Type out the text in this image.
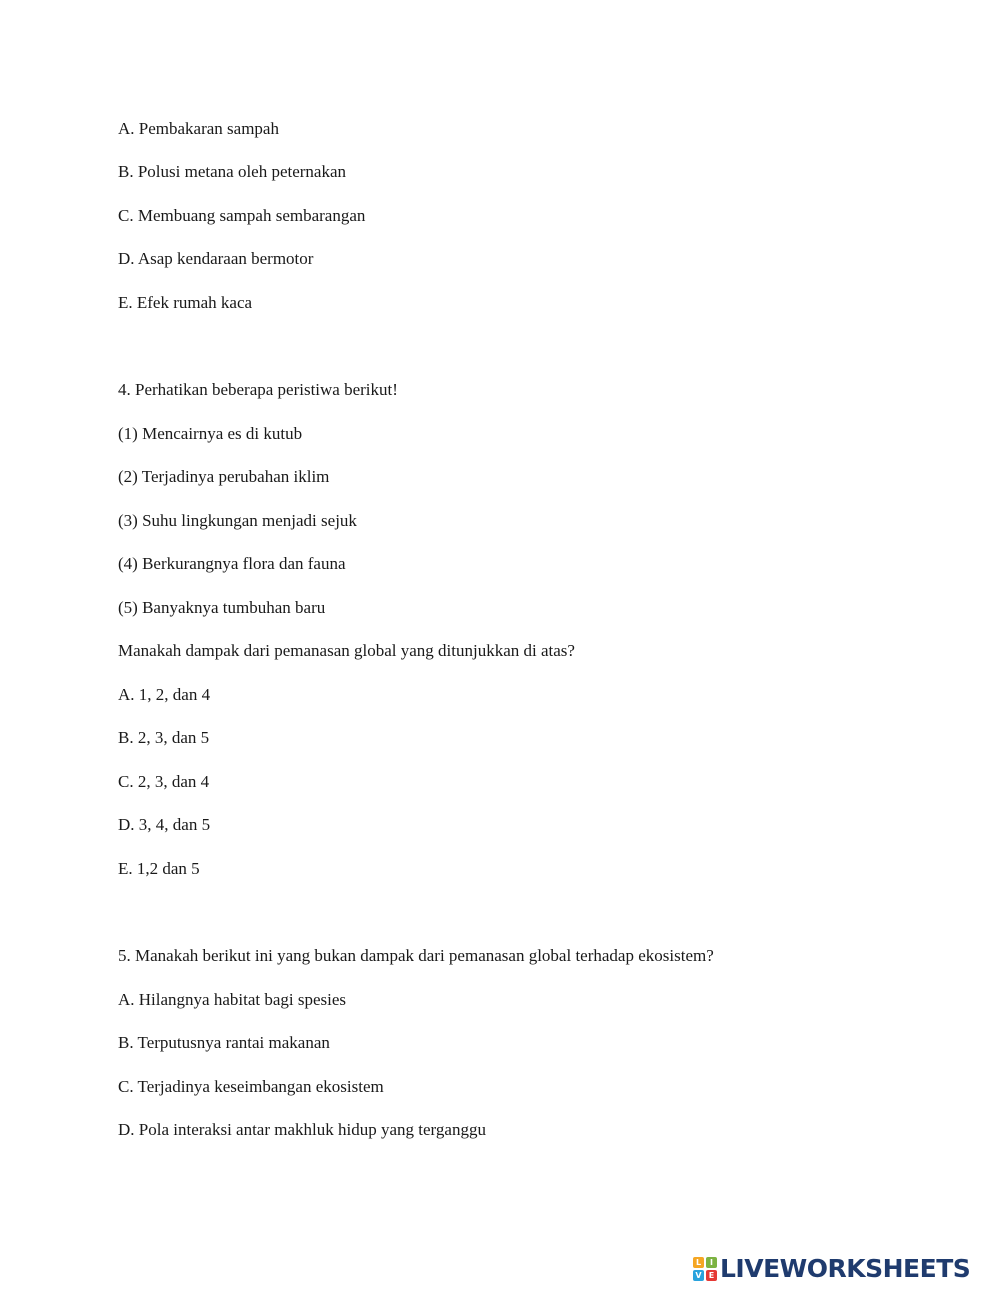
A. Pembakaran sampah
B. Polusi metana oleh peternakan
C. Membuang sampah sembarangan
D. Asap kendaraan bermotor
E. Efek rumah kaca
4. Perhatikan beberapa peristiwa berikut!
(1) Mencairnya es di kutub
(2) Terjadinya perubahan iklim
(3) Suhu lingkungan menjadi sejuk
(4) Berkurangnya flora dan fauna
(5) Banyaknya tumbuhan baru
Manakah dampak dari pemanasan global yang ditunjukkan di atas?
A. 1, 2, dan 4
B. 2, 3, dan 5
C. 2, 3, dan 4
D. 3, 4, dan 5
E. 1,2 dan 5
5. Manakah berikut ini yang bukan dampak dari pemanasan global terhadap ekosistem?
A. Hilangnya habitat bagi spesies
B. Terputusnya rantai makanan
C. Terjadinya keseimbangan ekosistem
D. Pola interaksi antar makhluk hidup yang terganggu
L	I
V E LIVEWORKSHEETS
